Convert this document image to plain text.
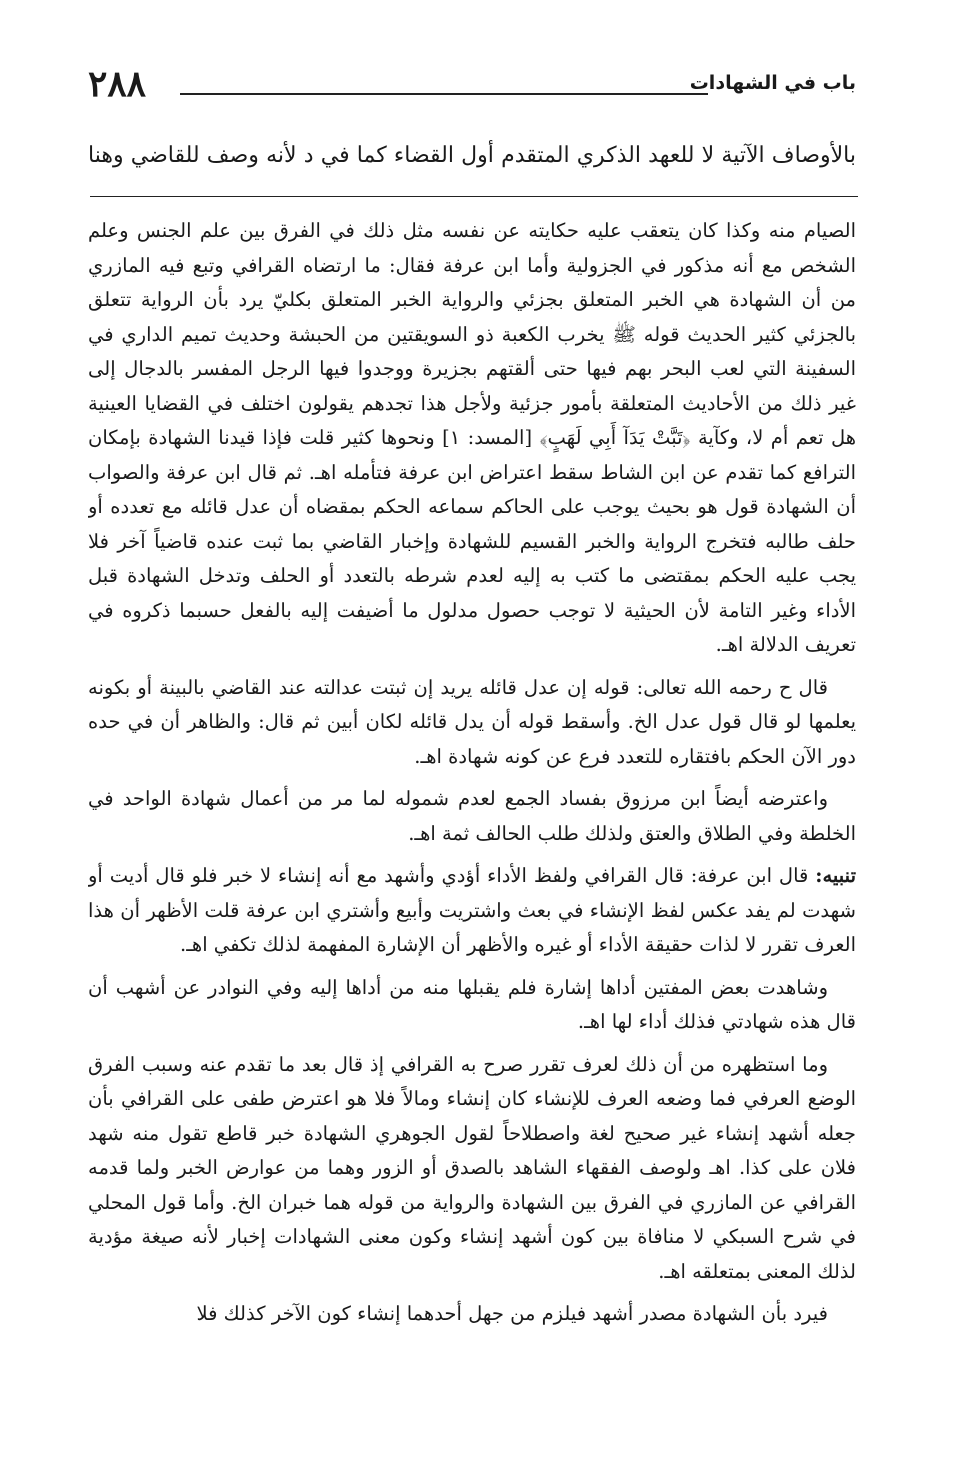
٢٨٨	باب في الشهادات
بالأوصاف الآتية لا للعهد الذكري المتقدم أول القضاء كما في د لأنه وصف للقاضي وهنا

الصيام منه وكذا كان يتعقب عليه حكايته عن نفسه مثل ذلك في الفرق بين علم الجنس وعلم الشخص مع أنه مذكور في الجزولية وأما ابن عرفة فقال: ما ارتضاه القرافي وتبع فيه المازري من أن الشهادة هي الخبر المتعلق بجزئي والرواية الخبر المتعلق بكليّ يرد بأن الرواية تتعلق بالجزئي كثير الحديث قوله ﷺ يخرب الكعبة ذو السويقتين من الحبشة وحديث تميم الداري في السفينة التي لعب البحر بهم فيها حتى ألقتهم بجزيرة ووجدوا فيها الرجل المفسر بالدجال إلى غير ذلك من الأحاديث المتعلقة بأمور جزئية ولأجل هذا تجدهم يقولون اختلف في القضايا العينية هل تعم أم لا، وكآية ﴿تَبَّتْ يَدَآ أَبِي لَهَبٍ﴾ [المسد: ١] ونحوها كثير قلت فإذا قيدنا الشهادة بإمكان الترافع كما تقدم عن ابن الشاط سقط اعتراض ابن عرفة فتأمله اهـ. ثم قال ابن عرفة والصواب أن الشهادة قول هو بحيث يوجب على الحاكم سماعه الحكم بمقضاه أن عدل قائله مع تعدده أو حلف طالبه فتخرج الرواية والخبر القسيم للشهادة وإخبار القاضي بما ثبت عنده قاضياً آخر فلا يجب عليه الحكم بمقتضى ما كتب به إليه لعدم شرطه بالتعدد أو الحلف وتدخل الشهادة قبل الأداء وغير التامة لأن الحيثية لا توجب حصول مدلول ما أضيفت إليه بالفعل حسبما ذكروه في تعريف الدلالة اهـ.

قال ح رحمه الله تعالى: قوله إن عدل قائله يريد إن ثبتت عدالته عند القاضي بالبينة أو بكونه يعلمها لو قال قول عدل الخ. وأسقط قوله أن يدل قائله لكان أبين ثم قال: والظاهر أن في حده دور الآن الحكم بافتقاره للتعدد فرع عن كونه شهادة اهـ.

واعترضه أيضاً ابن مرزوق بفساد الجمع لعدم شموله لما مر من أعمال شهادة الواحد في الخلطة وفي الطلاق والعتق ولذلك طلب الحالف ثمة اهـ.

تنبيه: قال ابن عرفة: قال القرافي ولفظ الأداء أؤدي وأشهد مع أنه إنشاء لا خبر فلو قال أديت أو شهدت لم يفد عكس لفظ الإنشاء في بعث واشتريت وأبيع وأشتري ابن عرفة قلت الأظهر أن هذا العرف تقرر لا لذات حقيقة الأداء أو غيره والأظهر أن الإشارة المفهمة لذلك تكفي اهـ.

وشاهدت بعض المفتين أداها إشارة فلم يقبلها منه من أداها إليه وفي النوادر عن أشهب أن قال هذه شهادتي فذلك أداء لها اهـ.

وما استظهره من أن ذلك لعرف تقرر صرح به القرافي إذ قال بعد ما تقدم عنه وسبب الفرق الوضع العرفي فما وضعه العرف للإنشاء كان إنشاء ومالاً فلا هو اعترض طفى على القرافي بأن جعله أشهد إنشاء غير صحيح لغة واصطلاحاً لقول الجوهري الشهادة خبر قاطع تقول منه شهد فلان على كذا. اهـ ولوصف الفقهاء الشاهد بالصدق أو الزور وهما من عوارض الخبر ولما قدمه القرافي عن المازري في الفرق بين الشهادة والرواية من قوله هما خبران الخ. وأما قول المحلي في شرح السبكي لا منافاة بين كون أشهد إنشاء وكون معنى الشهادات إخبار لأنه صيغة مؤدية لذلك المعنى بمتعلقه اهـ.

فيرد بأن الشهادة مصدر أشهد فيلزم من جهل أحدهما إنشاء كون الآخر كذلك فلا
